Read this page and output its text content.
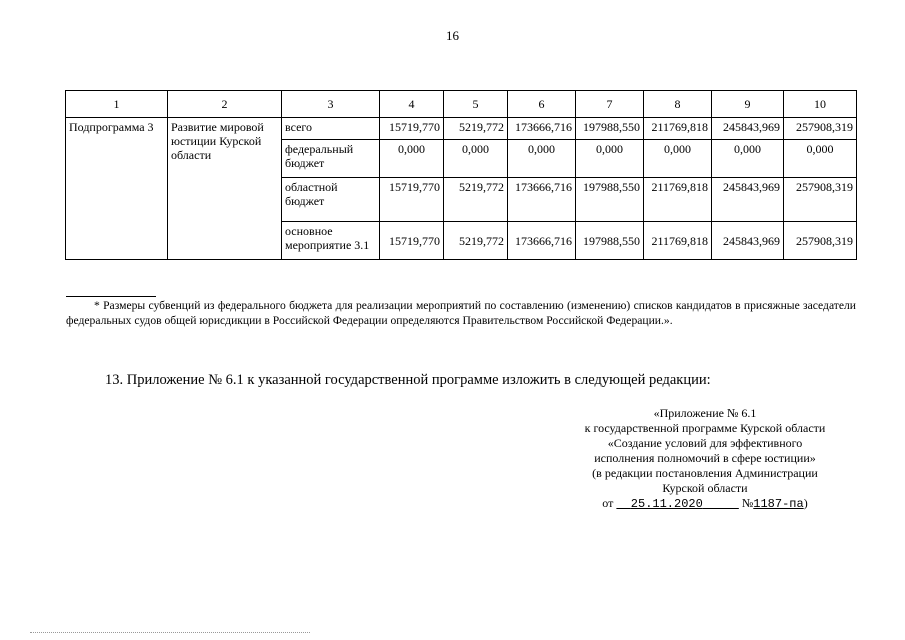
16
1	2	3	4	5	6	7	8	9	10
Подпрограмма 3	Развитие мировой юстиции Курской области	всего	15719,770	5219,772	173666,716	197988,550	211769,818	245843,969	257908,319
		федеральный бюджет	0,000	0,000	0,000	0,000	0,000	0,000	0,000
		областной бюджет	15719,770	5219,772	173666,716	197988,550	211769,818	245843,969	257908,319
		основное мероприятие 3.1	15719,770	5219,772	173666,716	197988,550	211769,818	245843,969	257908,319
* Размеры субвенций из федерального бюджета для реализации мероприятий по составлению (изменению) списков кандидатов в присяжные заседатели федеральных судов общей юрисдикции в Российской Федерации определяются Правительством Российской Федерации.».
13. Приложение № 6.1 к указанной государственной программе изложить в следующей редакции:
«Приложение № 6.1
к государственной программе Курской области
«Создание условий для эффективного
исполнения полномочий в сфере юстиции»
(в редакции постановления Администрации
Курской области
от 25.11.2020	№1187-па)
